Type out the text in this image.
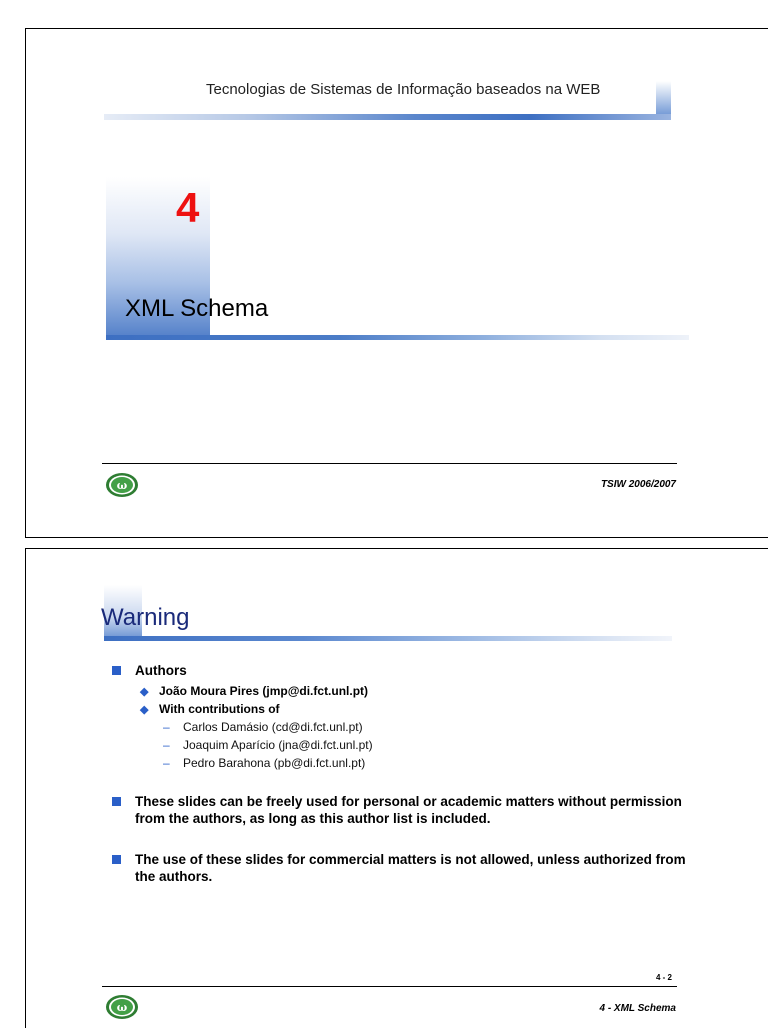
Tecnologias de Sistemas de Informação baseados na WEB
4
XML Schema
ω	TSIW 2006/2007
Warning
Authors
◆ João Moura Pires (jmp@di.fct.unl.pt)
◆ With contributions of
– Carlos Damásio (cd@di.fct.unl.pt)
– Joaquim Aparício (jna@di.fct.unl.pt)
– Pedro Barahona (pb@di.fct.unl.pt)
These slides can be freely used for personal or academic matters without permission from the authors, as long as this author list is included.
The use of these slides for commercial matters is not allowed, unless authorized from the authors.
4 - 2
ω	4 - XML Schema
